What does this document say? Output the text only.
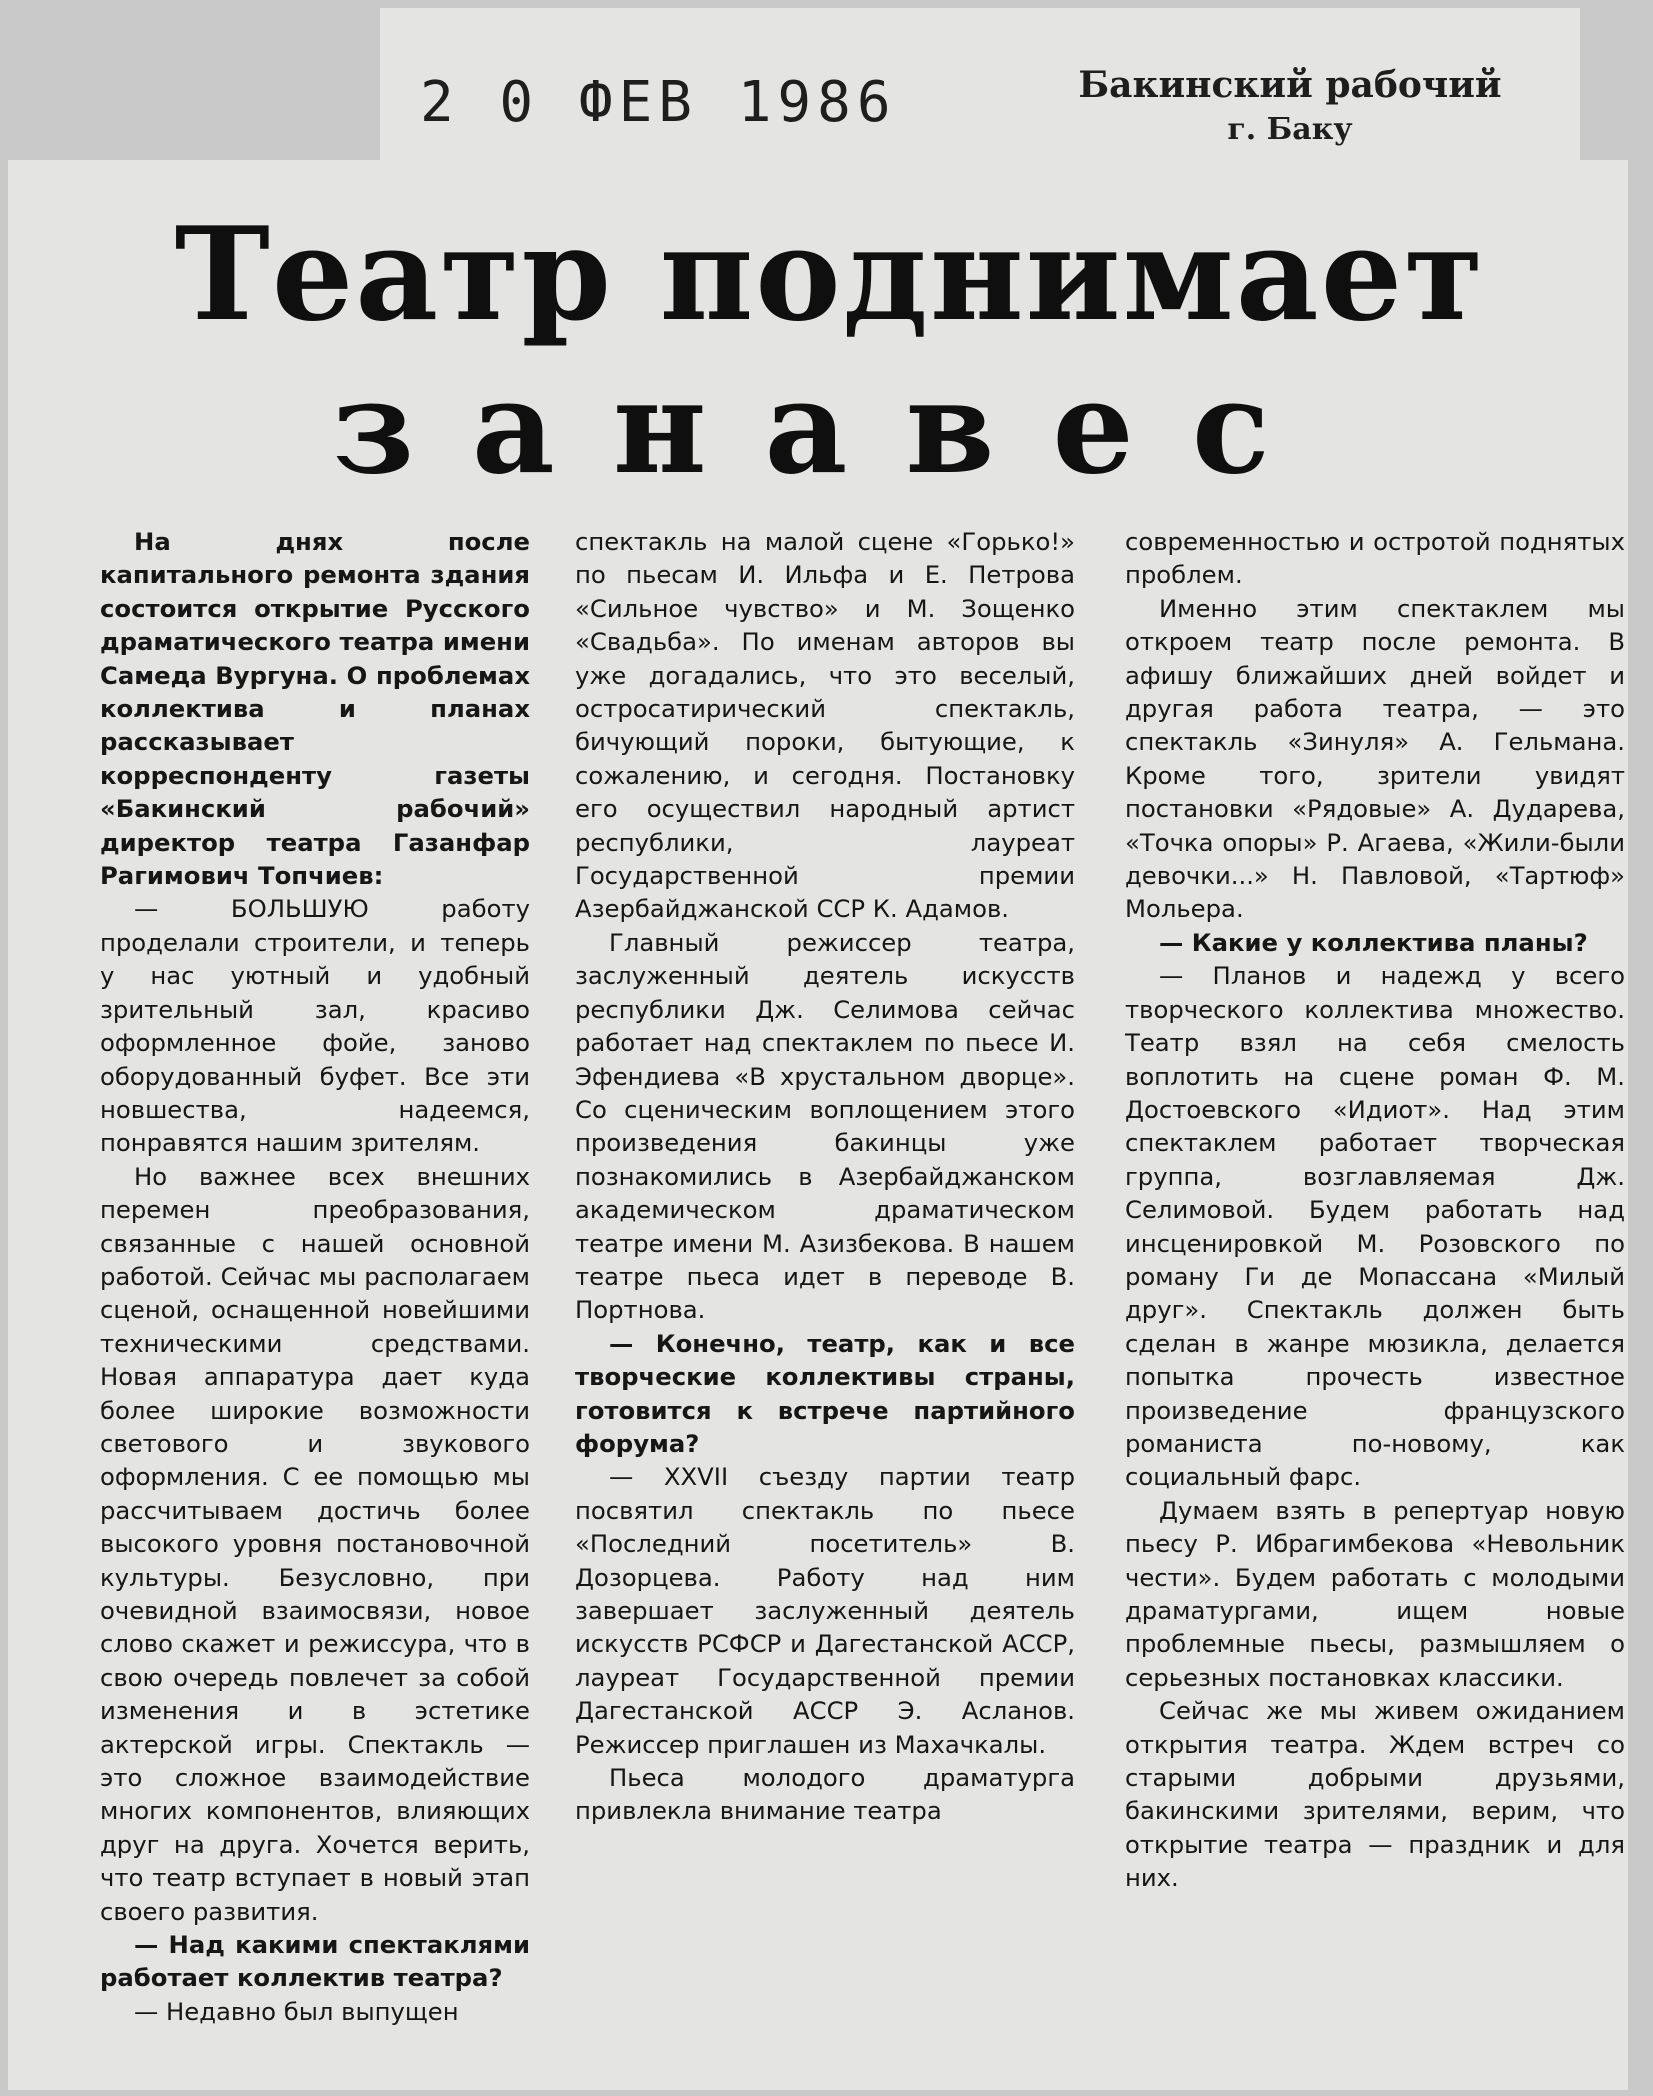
2 0 ФЕВ 1986	Бакинский рабочий
г. Баку
Театр поднимает
занавес

На днях после капитального ремонта здания состоится открытие Русского драматического театра имени Самеда Вургуна. О проблемах коллектива и планах рассказывает корреспонденту газеты «Бакинский рабочий» директор театра Газанфар Рагимович Топчиев:

— БОЛЬШУЮ работу проделали строители, и теперь у нас уютный и удобный зрительный зал, красиво оформленное фойе, заново оборудованный буфет. Все эти новшества, надеемся, понравятся нашим зрителям.

Но важнее всех внешних перемен преобразования, связанные с нашей основной работой. Сейчас мы располагаем сценой, оснащенной новейшими техническими средствами. Новая аппаратура дает куда более широкие возможности светового и звукового оформления. С ее помощью мы рассчитываем достичь более высокого уровня постановочной культуры. Безусловно, при очевидной взаимосвязи, новое слово скажет и режиссура, что в свою очередь повлечет за собой изменения и в эстетике актерской игры. Спектакль — это сложное взаимодействие многих компонентов, влияющих друг на друга. Хочется верить, что театр вступает в новый этап своего развития.

— Над какими спектаклями работает коллектив театра?

— Недавно был выпущен

спектакль на малой сцене «Горько!» по пьесам И. Ильфа и Е. Петрова «Сильное чувство» и М. Зощенко «Свадьба». По именам авторов вы уже догадались, что это веселый, остросатирический спектакль, бичующий пороки, бытующие, к сожалению, и сегодня. Постановку его осуществил народный артист республики, лауреат Государственной премии Азербайджанской ССР К. Адамов.

Главный режиссер театра, заслуженный деятель искусств республики Дж. Селимова сейчас работает над спектаклем по пьесе И. Эфендиева «В хрустальном дворце». Со сценическим воплощением этого произведения бакинцы уже познакомились в Азербайджанском академическом драматическом театре имени М. Азизбекова. В нашем театре пьеса идет в переводе В. Портнова.

— Конечно, театр, как и все творческие коллективы страны, готовится к встрече партийного форума?

— XXVII съезду партии театр посвятил спектакль по пьесе «Последний посетитель» В. Дозорцева. Работу над ним завершает заслуженный деятель искусств РСФСР и Дагестанской АССР, лауреат Государственной премии Дагестанской АССР Э. Асланов. Режиссер приглашен из Махачкалы.

Пьеса молодого драматурга привлекла внимание театра

современностью и остротой поднятых проблем.

Именно этим спектаклем мы откроем театр после ремонта. В афишу ближайших дней войдет и другая работа театра, — это спектакль «Зинуля» А. Гельмана. Кроме того, зрители увидят постановки «Рядовые» А. Дударева, «Точка опоры» Р. Агаева, «Жили-были девочки...» Н. Павловой, «Тартюф» Мольера.

— Какие у коллектива планы?

— Планов и надежд у всего творческого коллектива множество. Театр взял на себя смелость воплотить на сцене роман Ф. М. Достоевского «Идиот». Над этим спектаклем работает творческая группа, возглавляемая Дж. Селимовой. Будем работать над инсценировкой М. Розовского по роману Ги де Мопассана «Милый друг». Спектакль должен быть сделан в жанре мюзикла, делается попытка прочесть известное произведение французского романиста по-новому, как социальный фарс.

Думаем взять в репертуар новую пьесу Р. Ибрагимбекова «Невольник чести». Будем работать с молодыми драматургами, ищем новые проблемные пьесы, размышляем о серьезных постановках классики.

Сейчас же мы живем ожиданием открытия театра. Ждем встреч со старыми добрыми друзьями, бакинскими зрителями, верим, что открытие театра — праздник и для них.
